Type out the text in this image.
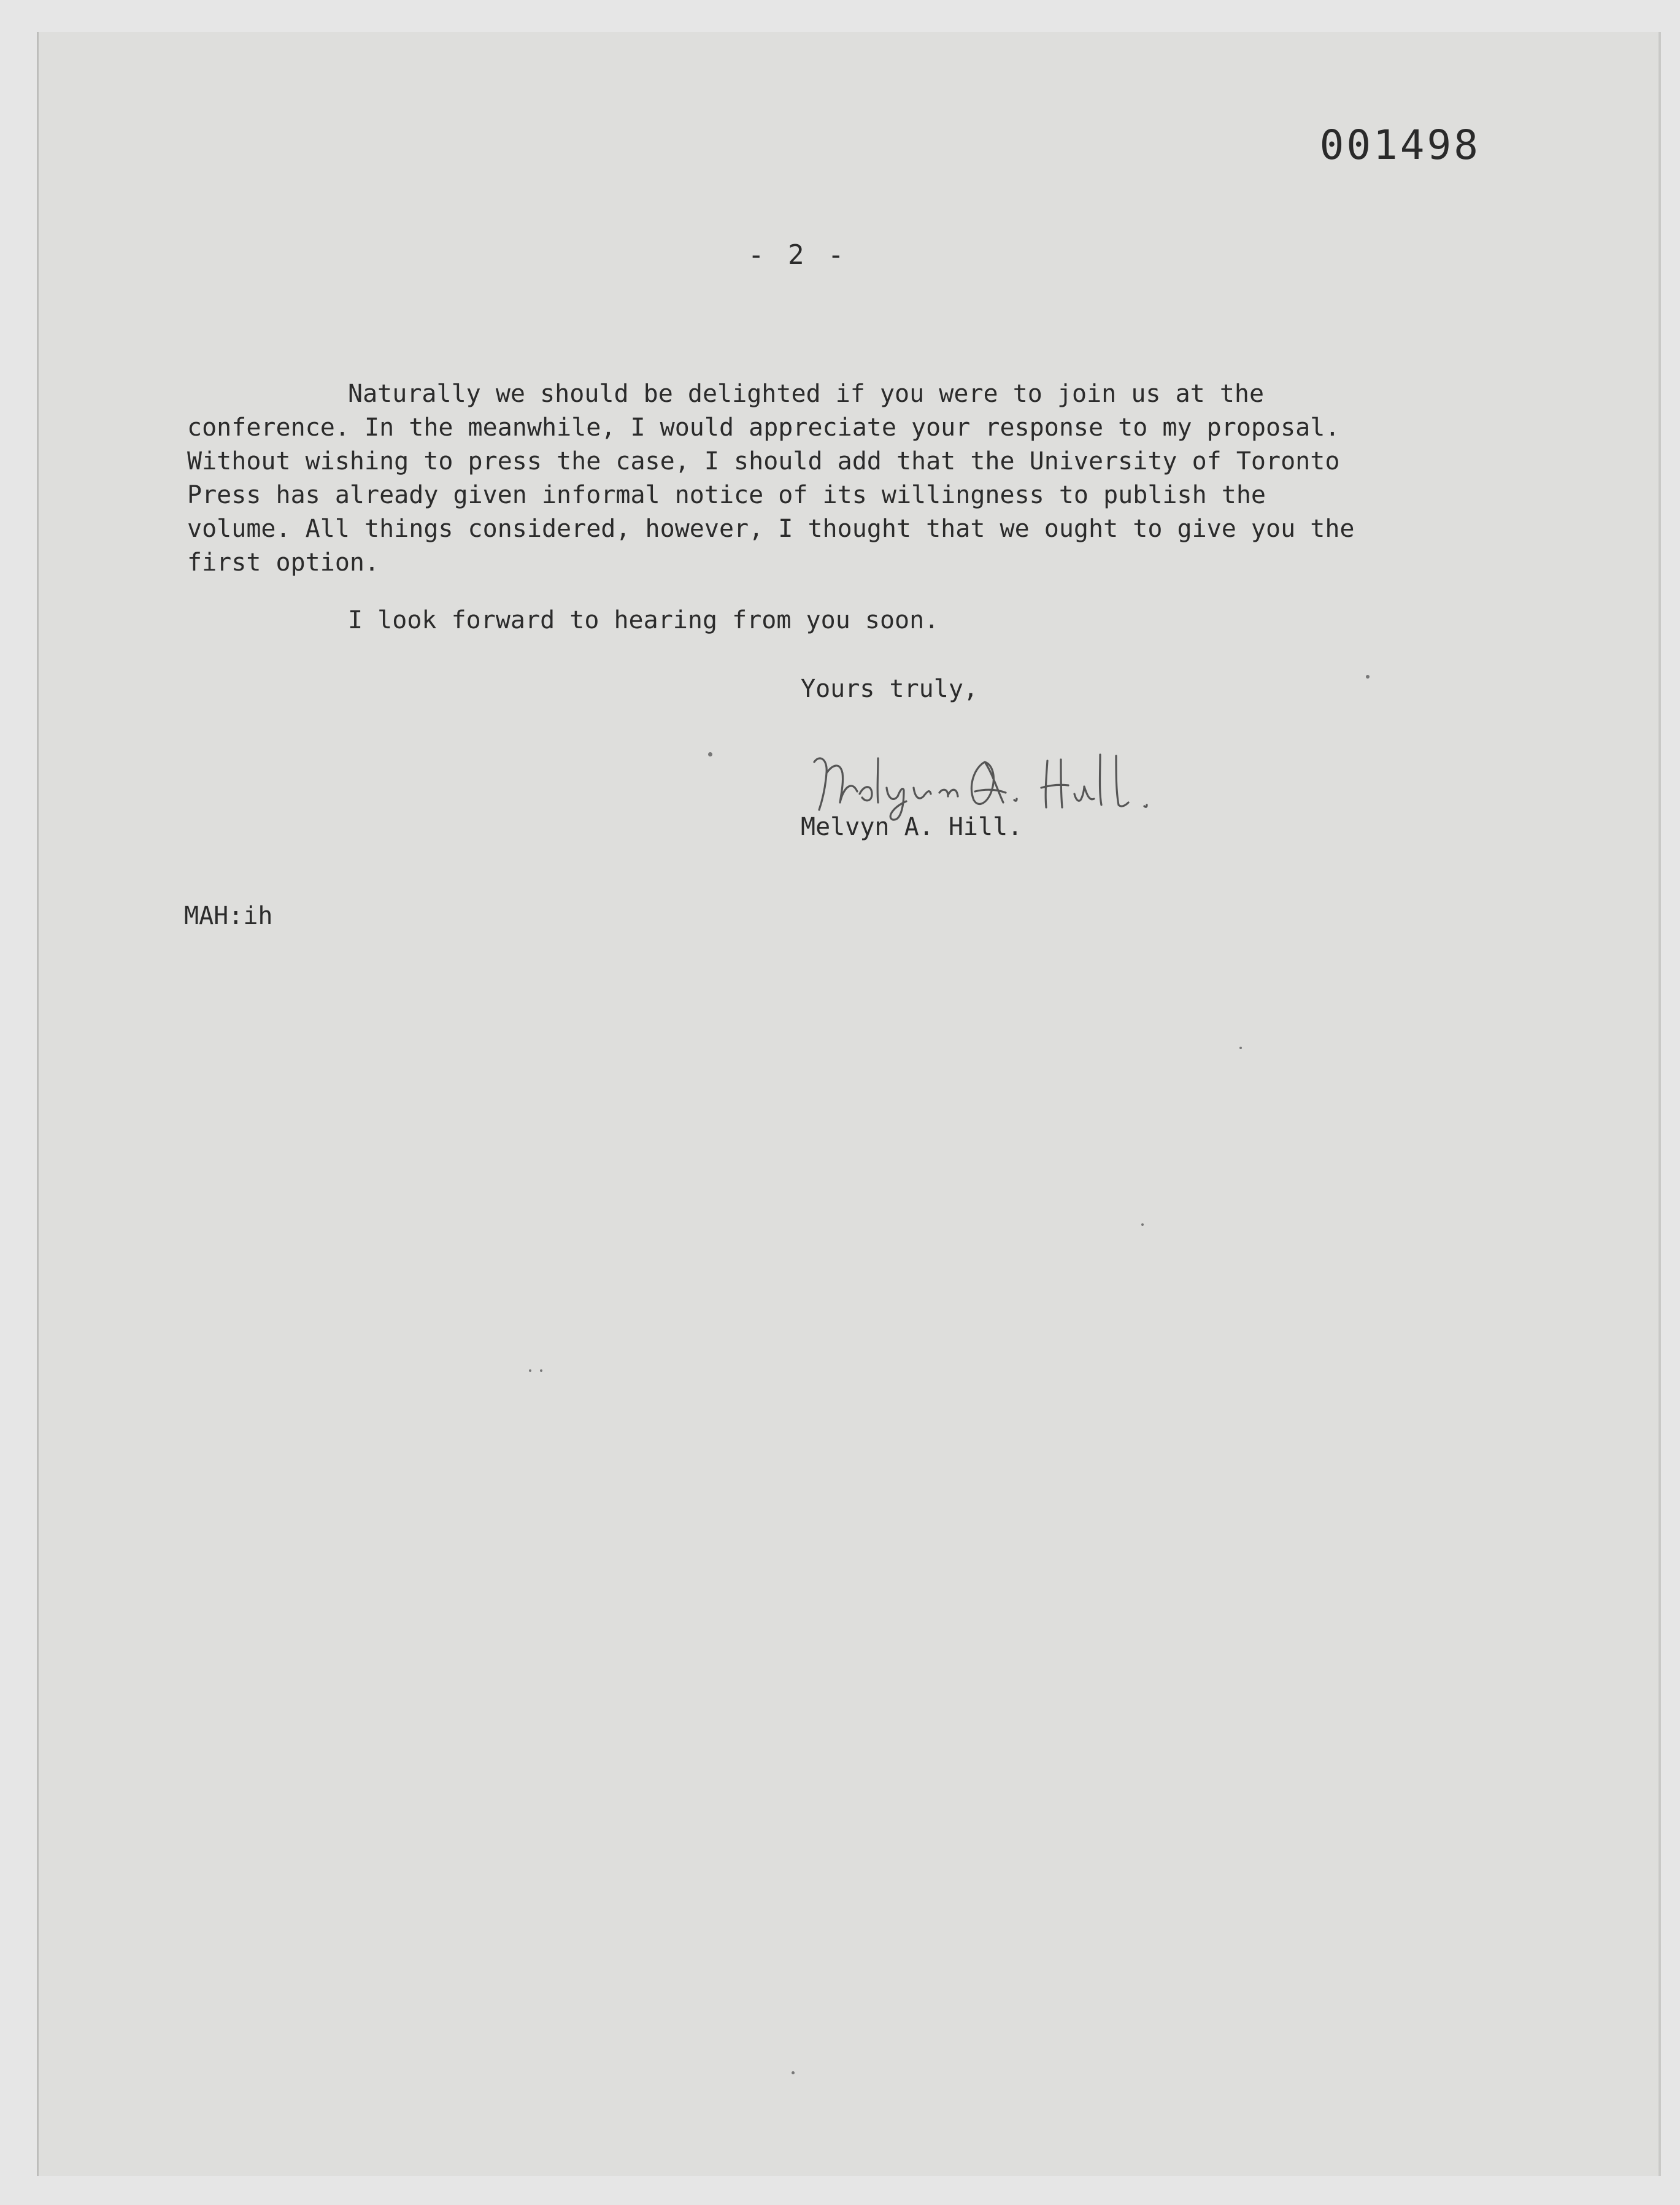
001498
- 2 -

Naturally we should be delighted if you were to join us at the
conference. In the meanwhile, I would appreciate your response to my proposal.
Without wishing to press the case, I should add that the University of Toronto
Press has already given informal notice of its willingness to publish the
volume. All things considered, however, I thought that we ought to give you the
first option.

I look forward to hearing from you soon.
Yours truly,
Melvyn A. Hill.
MAH:ih
